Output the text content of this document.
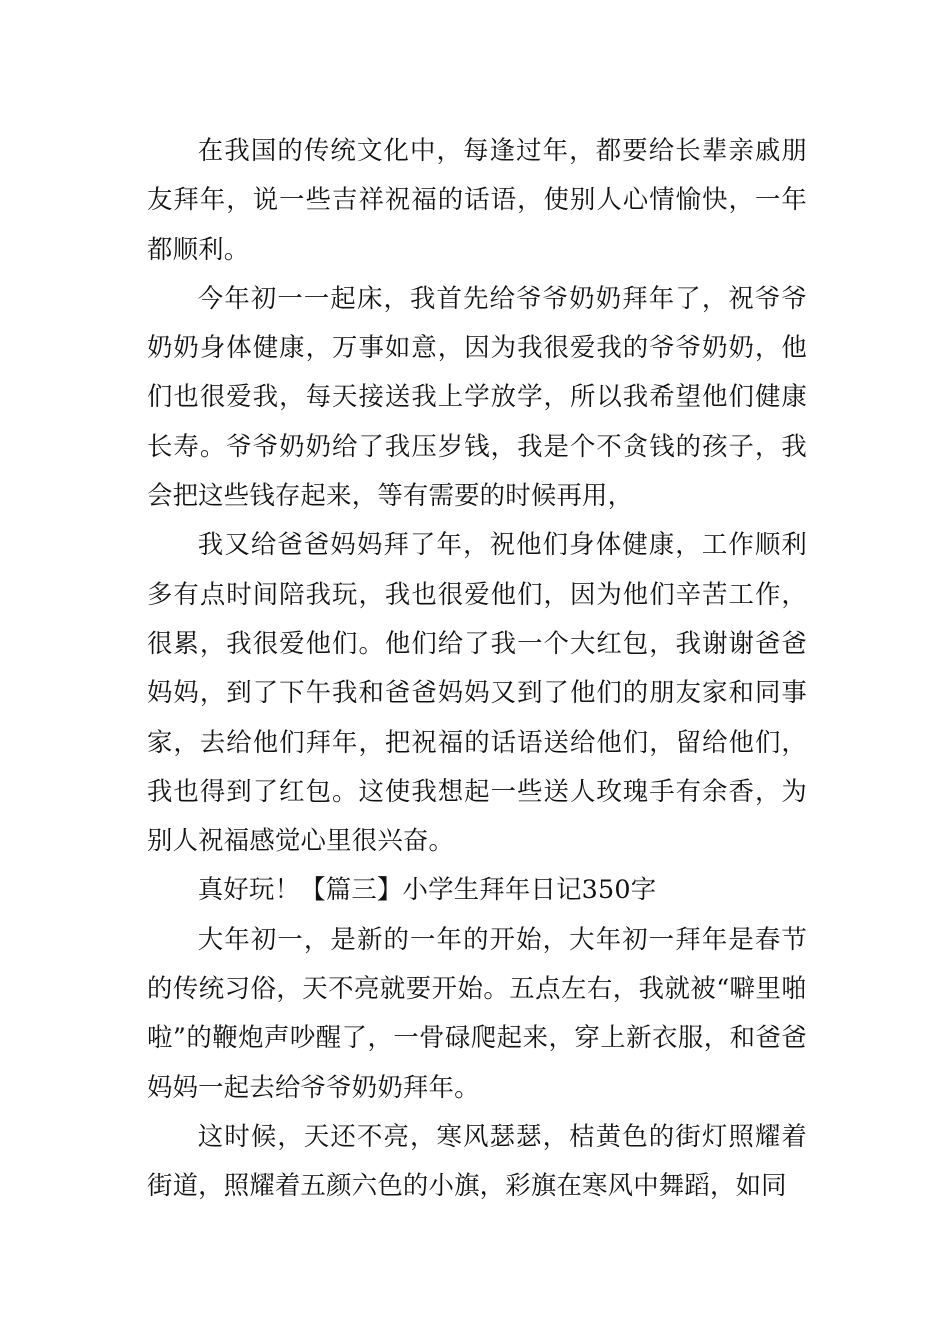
在我国的传统文化中，每逢过年，都要给长辈亲戚朋友拜年，说一些吉祥祝福的话语，使别人心情愉快，一年都顺利。

今年初一一起床，我首先给爷爷奶奶拜年了，祝爷爷奶奶身体健康，万事如意，因为我很爱我的爷爷奶奶，他们也很爱我，每天接送我上学放学，所以我希望他们健康长寿。爷爷奶奶给了我压岁钱，我是个不贪钱的孩子，我会把这些钱存起来，等有需要的时候再用，

我又给爸爸妈妈拜了年，祝他们身体健康，工作顺利多有点时间陪我玩，我也很爱他们，因为他们辛苦工作，很累，我很爱他们。他们给了我一个大红包，我谢谢爸爸妈妈，到了下午我和爸爸妈妈又到了他们的朋友家和同事家，去给他们拜年，把祝福的话语送给他们，留给他们，我也得到了红包。这使我想起一些送人玫瑰手有余香，为别人祝福感觉心里很兴奋。

真好玩！【篇三】小学生拜年日记350字

大年初一，是新的一年的开始，大年初一拜年是春节的传统习俗，天不亮就要开始。五点左右，我就被“噼里啪啦”的鞭炮声吵醒了，一骨碌爬起来，穿上新衣服，和爸爸妈妈一起去给爷爷奶奶拜年。

这时候，天还不亮，寒风瑟瑟，桔黄色的街灯照耀着街道，照耀着五颜六色的小旗，彩旗在寒风中舞蹈，如同
